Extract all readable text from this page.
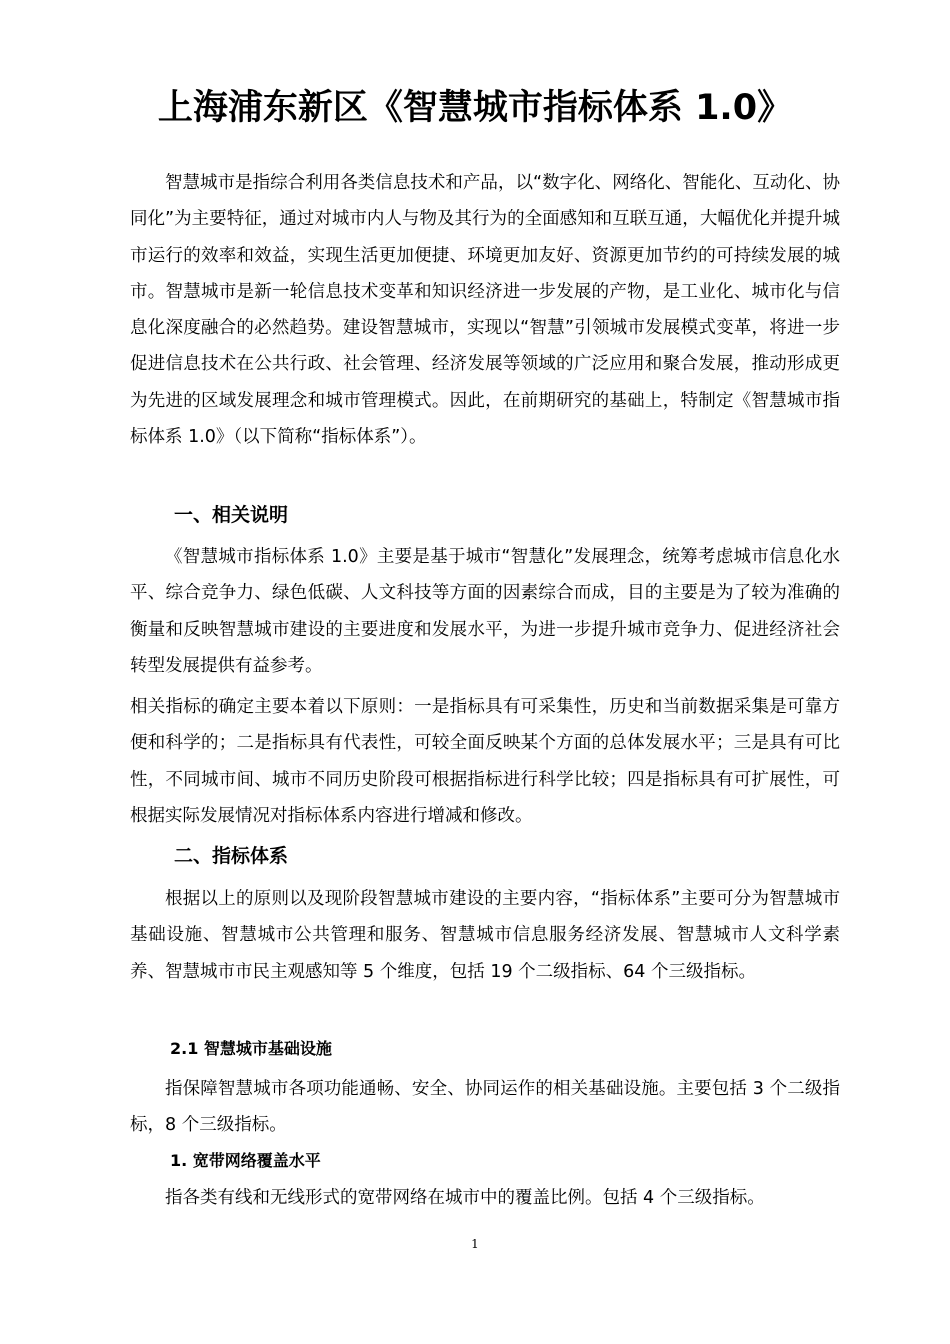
上海浦东新区《智慧城市指标体系 1.0》

智慧城市是指综合利用各类信息技术和产品，以“数字化、网络化、智能化、互动化、协同化”为主要特征，通过对城市内人与物及其行为的全面感知和互联互通，大幅优化并提升城市运行的效率和效益，实现生活更加便捷、环境更加友好、资源更加节约的可持续发展的城市。智慧城市是新一轮信息技术变革和知识经济进一步发展的产物，是工业化、城市化与信息化深度融合的必然趋势。建设智慧城市，实现以“智慧”引领城市发展模式变革，将进一步促进信息技术在公共行政、社会管理、经济发展等领域的广泛应用和聚合发展，推动形成更为先进的区域发展理念和城市管理模式。因此，在前期研究的基础上，特制定《智慧城市指标体系 1.0》（以下简称“指标体系”）。

一、相关说明

《智慧城市指标体系 1.0》主要是基于城市“智慧化”发展理念，统筹考虑城市信息化水平、综合竞争力、绿色低碳、人文科技等方面的因素综合而成，目的主要是为了较为准确的衡量和反映智慧城市建设的主要进度和发展水平，为进一步提升城市竞争力、促进经济社会转型发展提供有益参考。

相关指标的确定主要本着以下原则：一是指标具有可采集性，历史和当前数据采集是可靠方便和科学的；二是指标具有代表性，可较全面反映某个方面的总体发展水平；三是具有可比性，不同城市间、城市不同历史阶段可根据指标进行科学比较；四是指标具有可扩展性，可根据实际发展情况对指标体系内容进行增减和修改。

二、指标体系

根据以上的原则以及现阶段智慧城市建设的主要内容，“指标体系”主要可分为智慧城市基础设施、智慧城市公共管理和服务、智慧城市信息服务经济发展、智慧城市人文科学素养、智慧城市市民主观感知等 5 个维度，包括 19 个二级指标、64 个三级指标。

2.1 智慧城市基础设施

指保障智慧城市各项功能通畅、安全、协同运作的相关基础设施。主要包括 3 个二级指标，8 个三级指标。

1. 宽带网络覆盖水平

指各类有线和无线形式的宽带网络在城市中的覆盖比例。包括 4 个三级指标。

1
